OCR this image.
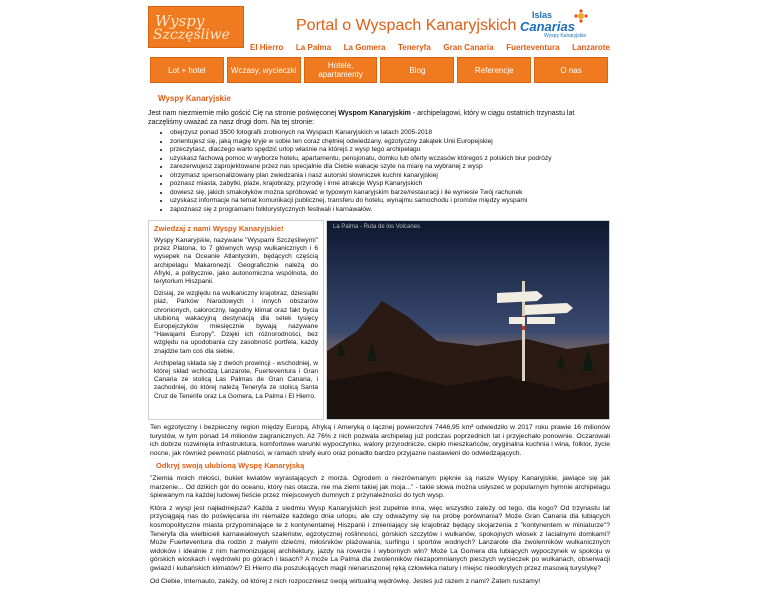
Wyspy
Szczęśliwe
Portal o Wyspach Kanaryjskich
Islas
Canarias
Wyspy Kanaryjskie
El Hierro La Palma La Gomera Teneryfa Gran Canaria Fuerteventura Lanzarote
Lot + hotel	Wczasy, wycieczki	Hotele, apartamenty	Blog	Referencje	O nas
Wyspy Kanaryjskie

Jest nam niezmiernie miło gościć Cię na stronie poświęconej Wyspom Kanaryjskim - archipelagowi, który w ciągu ostatnich trzynastu lat zaczęliśmy uważać za nasz drugi dom. Na tej stronie:

• obejrzysz ponad 3500 fotografii zrobionych na Wyspach Kanaryjskich w latach 2005-2018
• zorientujesz się, jaką magię kryje w sobie ten coraz chętniej odwiedzany, egzotyczny zakątek Unii Europejskiej
• przeczytasz, dlaczego warto spędzić urlop właśnie na którejś z wysp tego archipelagu
• uzyskasz fachową pomoc w wyborze hotelu, apartamentu, pensjonatu, domku lub oferty wczasów któregoś z polskich biur podróży
• zarezerwujesz zaprojektowane przez nas specjalnie dla Ciebie wakacje szyte na miarę na wybranej z wysp
• otrzymasz spersonalizowany plan zwiedzania i nasz autorski słowniczek kuchni kanaryjskiej
• poznasz miasta, zabytki, plaże, krajobrazy, przyrodę i inne atrakcje Wysp Kanaryjskich
• dowiesz się, jakich smakołyków można spróbować w typowym kanaryjskim barze/restauracji i ile wyniesie Twój rachunek
• uzyskasz informacje na temat komunikacji publicznej, transferu do hotelu, wynajmu samochodu i promów między wyspami
• zapoznasz się z programami folklorystycznych festiwali i karnawałów.
Zwiedzaj z nami Wyspy Kanaryjskie!

Wyspy Kanaryjskie, nazywane "Wyspami Szczęśliwymi" przez Platona, to 7 głównych wysp wulkanicznych i 6 wysepek na Oceanie Atlantyckim, będących częścią archipelagu Makaronezji. Geograficznie należą do Afryki, a politycznie, jako autonomiczna wspólnota, do terytorium Hiszpanii.

Dzisiaj, ze względu na wulkaniczny krajobraz, dziesiątki plaż, Parków Narodowych i innych obszarów chronionych, całoroczny, łagodny klimat oraz fakt bycia ulubioną wakacyjną destynacją dla setek tysięcy Europejczyków miesięcznie bywają nazywane "Hawajami Europy". Dzięki ich różnorodności, bez względu na upodobania czy zasobność portfela, każdy znajdzie tam coś dla siebie.

Archipelag składa się z dwóch prowincji - wschodniej, w której skład wchodzą Lanzarote, Fuerteventura i Gran Canaria ze stolicą Las Palmas de Gran Canaria, i zachodniej, do której należą Teneryfa ze stolicą Santa Cruz de Tenerife oraz La Gomera, La Palma i El Hierro.

La Palma - Ruta de los Volcanes

Ten egzotyczny i bezpieczny region między Europą, Afryką i Ameryką o łącznej powierzchni 7446,95 km² odwiedziło w 2017 roku prawie 16 milionów turystów, w tym ponad 14 milionów zagranicznych. Aż 76% z nich pozwala archipelag już podczas poprzednich lat i przyjechało ponownie. Oczarowali ich dobrze rozwinięta infrastruktura, komfortowe warunki wypoczynku, walory przyrodnicze, ciepło mieszkańców, oryginalna kuchnia i wina, folklor, życie nocne, jak również pewność płatności, w ramach strefy euro oraz ponadto bardzo przyjazne nastawieni do odwiedzających.

Odkryj swoją ulubioną Wyspę Kanaryjską

"Ziemia moich miłości, bukiet kwiatów wyrastających z morza. Ogrodem o niezrównanym pięknie są nasze Wyspy Kanaryjskie, jawiące się jak marzenie... Od dzikich gór do oceanu, który nas otacza, nie ma ziemi takiej jak moja..." - takie słowa można usłyszeć w popularnym hymnie archipelagu śpiewanym na każdej ludowej fieście przez miejscowych dumnych z przynależności do tych wysp.

Która z wysp jest najładniejsza? Każda z siedmiu Wysp Kanaryjskich jest zupełnie inna, więc wszystko zależy od tego, dla kogo? Od trzynastu lat przyciągają nas do poświęcania im niemalże każdego dnia urlopu, ale czy odważymy się na próbę porównania? Może Gran Canaria dla lubiących kosmopolityczne miasta przypominające te z kontynentalnej Hiszpanii i zmieniający się krajobraz będący skojarzenia z "kontynentem w miniaturze"? Teneryfa dla wielbicieli karnawałowych szaleństw, egzotycznej roślinności, górskich szczytów i wulkanów, spokojnych wiosek z lacialnymi domkami? Może Fuerteventura dla rodzin z małymi dziećmi, miłośników plażowania, surfingu i sportów wodnych? Lanzarote dla zwolenników wulkanicznych widoków i idealnie z nim harmonizującej architektury, jazdy na rowerze i wybornych win? Może La Gomera dla lubiących wypoczynek w spokoju w górskich wioskach i wędrówki po górach i lasach? A może La Palma dla zwolenników niezapomnianych pieszych wycieczek po wulkanach, obserwacji gwiazd i kubańskich klimatów? El Hierro dla poszukujących magii nienaruszonej ręką człowieka natury i miejsc nieodkrytych przez masową turystykę?

Od Ciebie, Internauto, zależy, od której z nich rozpoczniesz swoją wirtualną wędrówkę. Jesteś już razem z nami? Zatem ruszamy!
